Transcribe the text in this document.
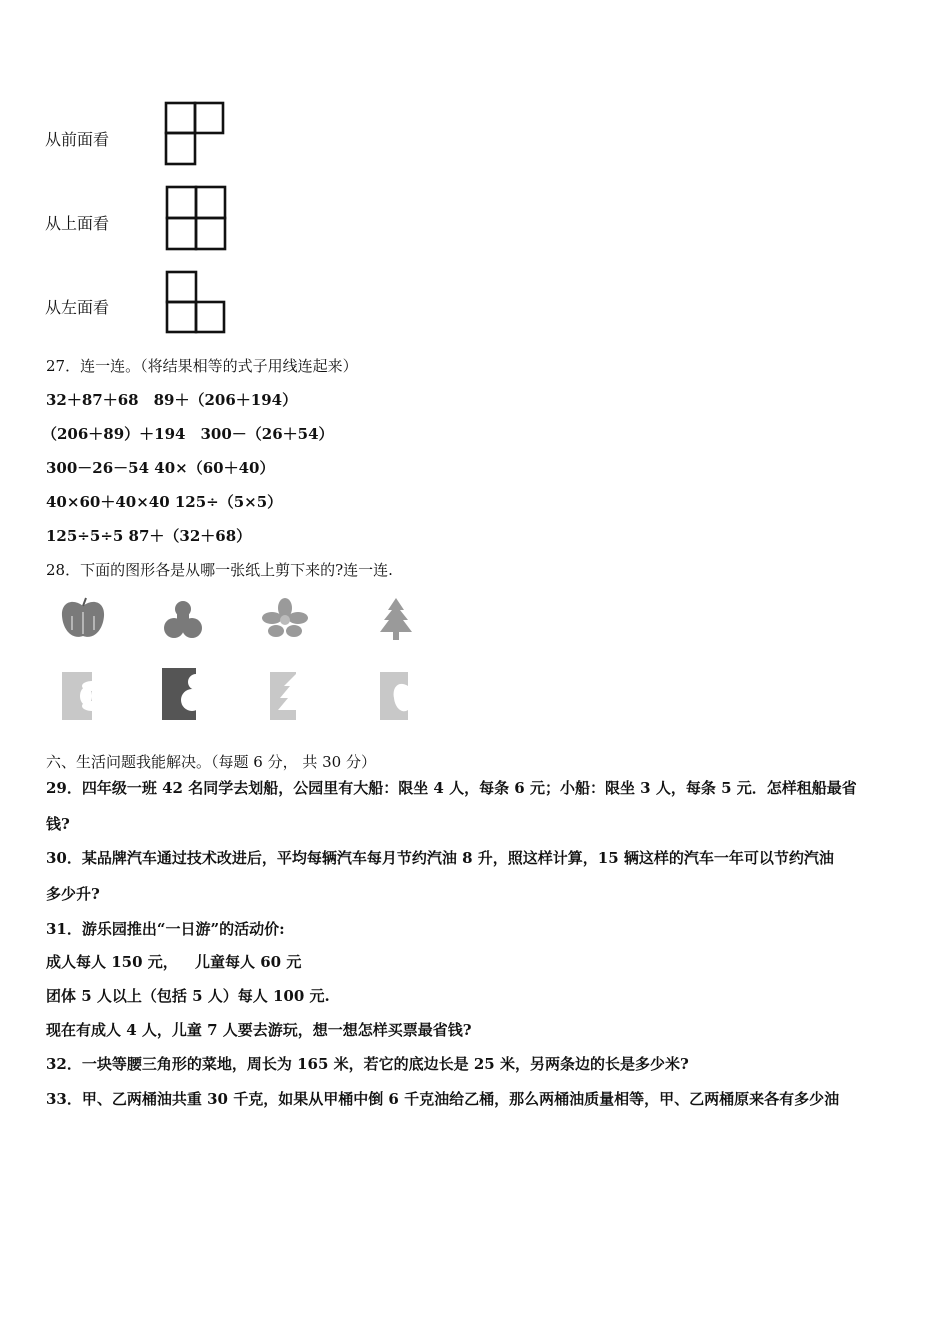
从前面看
从上面看
从左面看
27．连一连。（将结果相等的式子用线连起来）
32＋87＋68　89＋（206＋194）
（206＋89）＋194　300－（26＋54）
300－26－54 40×（60＋40）
40×60＋40×40 125÷（5×5）
125÷5÷5 87＋（32＋68）
28．下面的图形各是从哪一张纸上剪下来的?连一连.
六、生活问题我能解决。（每题 6 分， 共 30 分）
29．四年级一班 42 名同学去划船，公园里有大船：限坐 4 人，每条 6 元；小船：限坐 3 人，每条 5 元．怎样租船最省
钱?
30．某品牌汽车通过技术改进后，平均每辆汽车每月节约汽油 8 升，照这样计算，15 辆这样的汽车一年可以节约汽油
多少升?
31．游乐园推出“一日游”的活动价:
成人每人 150 元， 儿童每人 60 元
团体 5 人以上（包括 5 人）每人 100 元.
现在有成人 4 人，儿童 7 人要去游玩，想一想怎样买票最省钱?
32．一块等腰三角形的菜地，周长为 165 米，若它的底边长是 25 米，另两条边的长是多少米?
33．甲、乙两桶油共重 30 千克，如果从甲桶中倒 6 千克油给乙桶，那么两桶油质量相等，甲、乙两桶原来各有多少油
